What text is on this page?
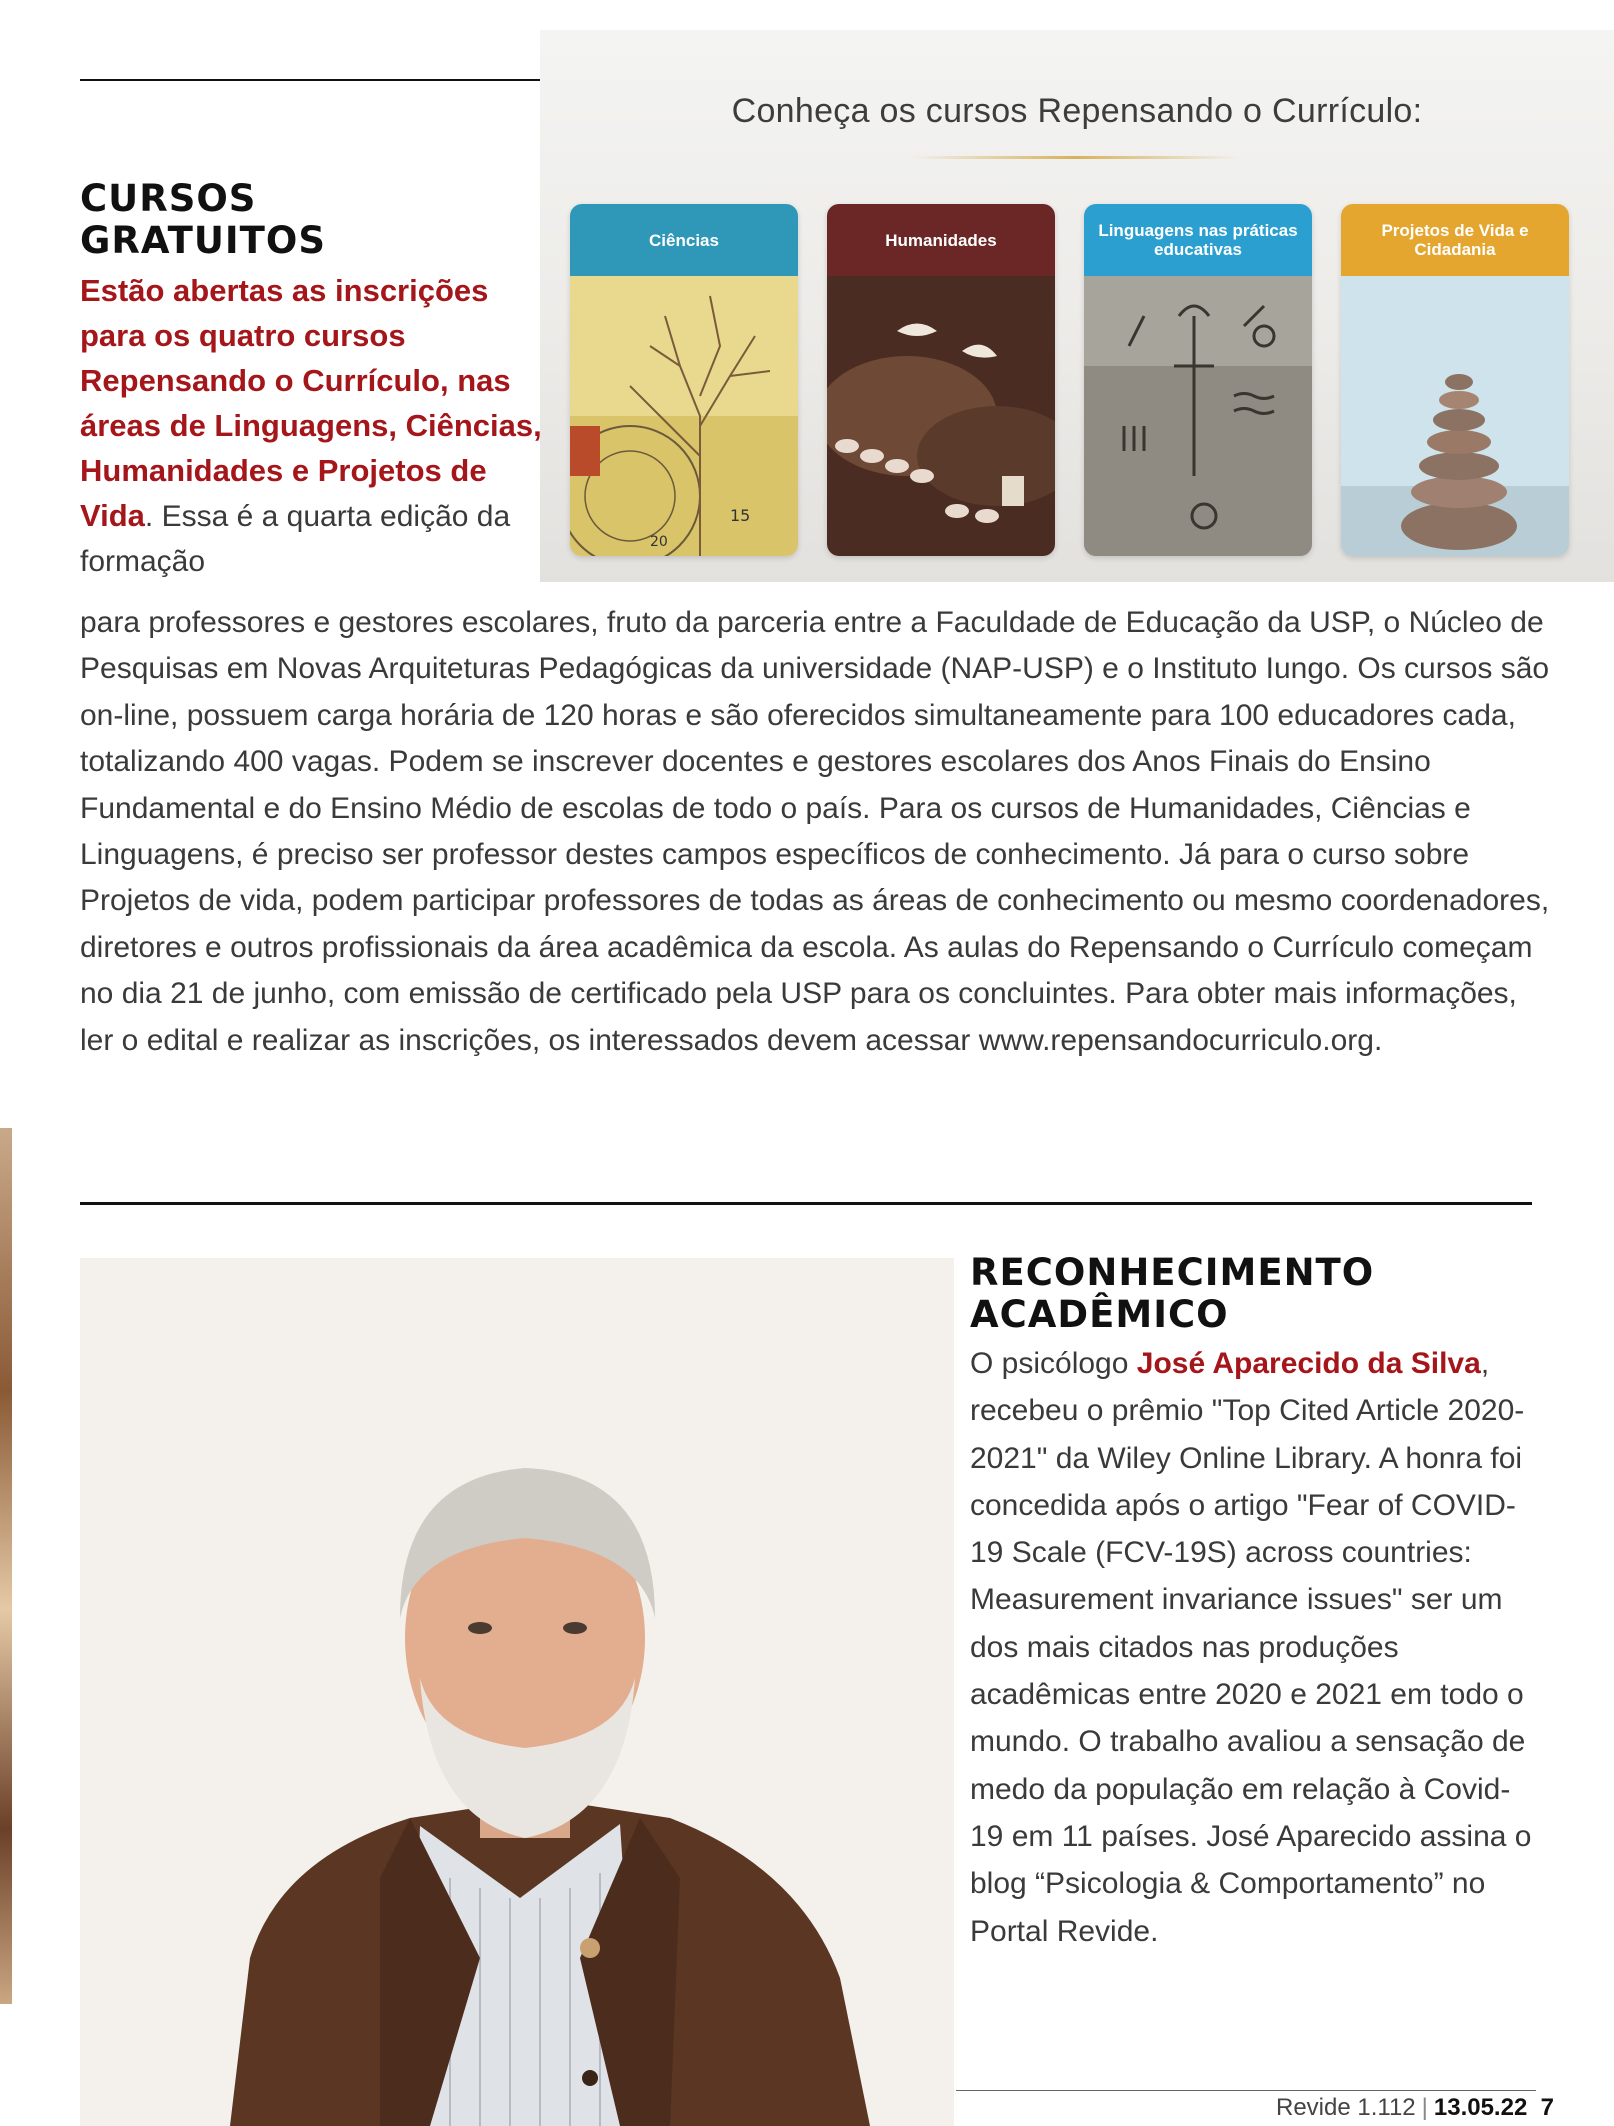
Conheça os cursos Repensando o Currículo:
Ciências
15
20
Humanidades	Linguagens nas práticas educativas
Projetos de Vida e Cidadania
CURSOS
GRATUITOS
Estão abertas as inscrições para os quatro cursos Repensando o Currículo, nas áreas de Linguagens, Ciências, Humanidades e Projetos de Vida. Essa é a quarta edição da formação
para professores e gestores escolares, fruto da parceria entre a Faculdade de Educação da USP, o Núcleo de Pesquisas em Novas Arquiteturas Pedagógicas da universidade (NAP-USP) e o Instituto Iungo. Os cursos são on-line, possuem carga horária de 120 horas e são oferecidos simultaneamente para 100 educadores cada, totalizando 400 vagas. Podem se inscrever docentes e gestores escolares dos Anos Finais do Ensino Fundamental e do Ensino Médio de escolas de todo o país. Para os cursos de Humanidades, Ciências e Linguagens, é preciso ser professor destes campos específicos de conhecimento. Já para o curso sobre Projetos de vida, podem participar professores de todas as áreas de conhecimento ou mesmo coordenadores, diretores e outros profissionais da área acadêmica da escola. As aulas do Repensando o Currículo começam no dia 21 de junho, com emissão de certificado pela USP para os concluintes. Para obter mais informações, ler o edital e realizar as inscrições, os interessados devem acessar www.repensandocurriculo.org.
RECONHECIMENTO
ACADÊMICO
O psicólogo José Aparecido da Silva, recebeu o prêmio "Top Cited Article 2020-2021" da Wiley Online Library. A honra foi concedida após o artigo "Fear of COVID-19 Scale (FCV-19S) across countries: Measurement invariance issues" ser um dos mais citados nas produções acadêmicas entre 2020 e 2021 em todo o mundo. O trabalho avaliou a sensação de medo da população em relação à Covid-19 em 11 países. José Aparecido assina o blog “Psicologia & Comportamento” no Portal Revide.
Revide 1.112 | 13.05.22 7
